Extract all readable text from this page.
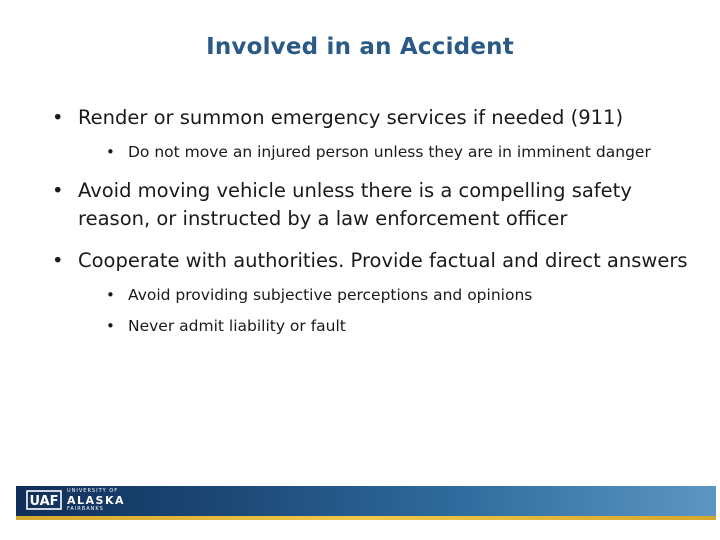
Involved in an Accident
• Render or summon emergency services if needed (911)
• Do not move an injured person unless they are in imminent danger
• Avoid moving vehicle unless there is a compelling safety reason, or instructed by a law enforcement officer
• Cooperate with authorities. Provide factual and direct answers
• Avoid providing subjective perceptions and opinions
• Never admit liability or fault
UAF
UNIVERSITY OF
ALASKA
FAIRBANKS
